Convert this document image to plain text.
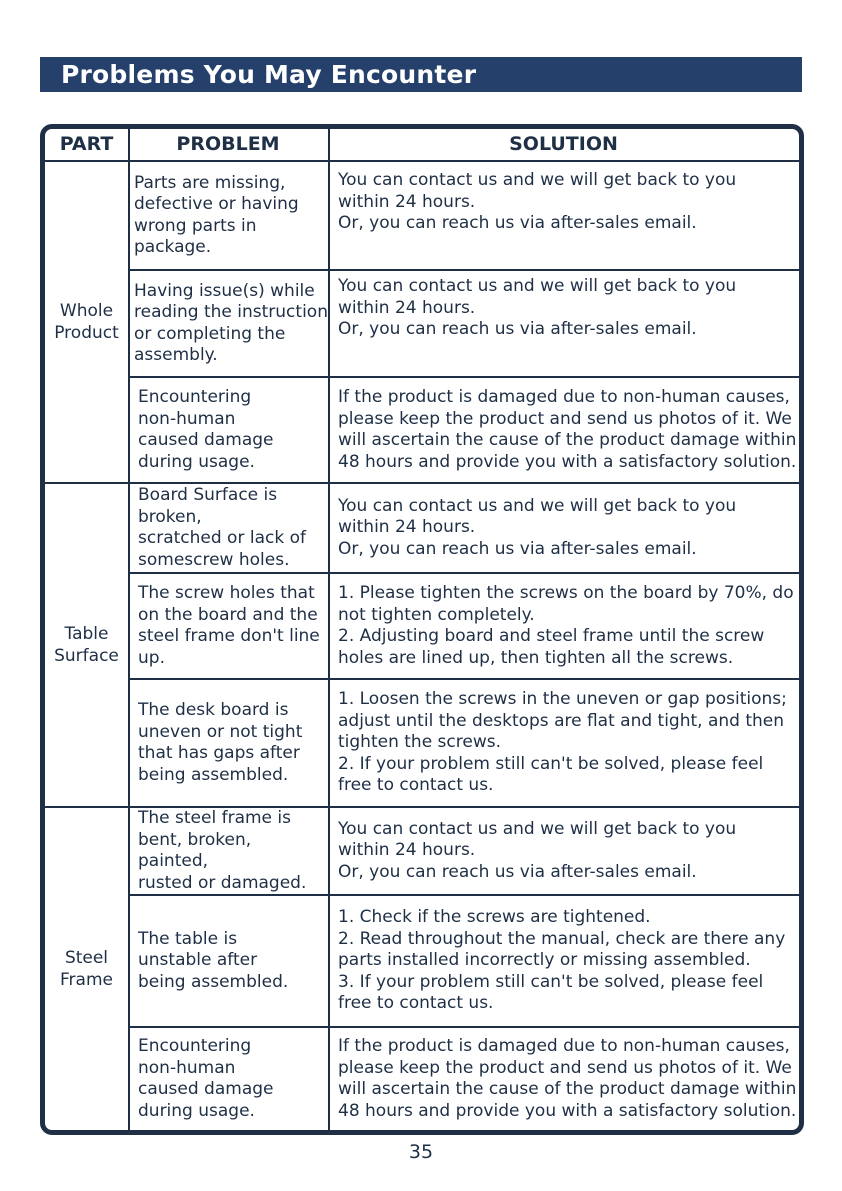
Problems You May Encounter
PART	PROBLEM	SOLUTION
Whole
Product
Table
Surface
Steel
Frame
Parts are missing,
defective or having
wrong parts in
package.
You can contact us and we will get back to you
within 24 hours.
Or, you can reach us via after-sales email.
Having issue(s) while
reading the instruction
or completing the
assembly.
You can contact us and we will get back to you
within 24 hours.
Or, you can reach us via after-sales email.
Encountering
non-human
caused damage
during usage.
If the product is damaged due to non-human causes,
please keep the product and send us photos of it. We
will ascertain the cause of the product damage within
48 hours and provide you with a satisfactory solution.
Board Surface is
broken,
scratched or lack of
somescrew holes.
You can contact us and we will get back to you
within 24 hours.
Or, you can reach us via after-sales email.
The screw holes that
on the board and the
steel frame don't line
up.
1. Please tighten the screws on the board by 70%, do
not tighten completely.
2. Adjusting board and steel frame until the screw
holes are lined up, then tighten all the screws.
The desk board is
uneven or not tight
that has gaps after
being assembled.
1. Loosen the screws in the uneven or gap positions;
adjust until the desktops are flat and tight, and then
tighten the screws.
2. If your problem still can't be solved, please feel
free to contact us.
The steel frame is
bent, broken,
painted,
rusted or damaged.
You can contact us and we will get back to you
within 24 hours.
Or, you can reach us via after-sales email.
The table is
unstable after
being assembled.
1. Check if the screws are tightened.
2. Read throughout the manual, check are there any
parts installed incorrectly or missing assembled.
3. If your problem still can't be solved, please feel
free to contact us.
Encountering
non-human
caused damage
during usage.
If the product is damaged due to non-human causes,
please keep the product and send us photos of it. We
will ascertain the cause of the product damage within
48 hours and provide you with a satisfactory solution.
35
